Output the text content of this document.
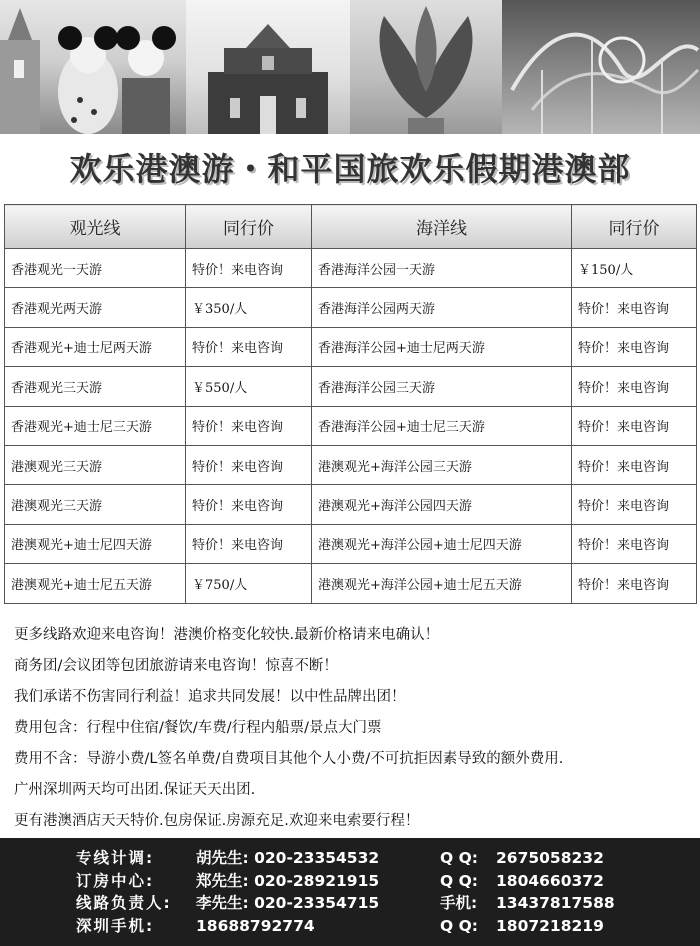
欢乐港澳游・和平国旅欢乐假期港澳部
观光线	同行价	海洋线	同行价
香港观光一天游	特价！来电咨询	香港海洋公园一天游	￥150/人
香港观光两天游	￥350/人	香港海洋公园两天游	特价！来电咨询
香港观光+迪士尼两天游	特价！来电咨询	香港海洋公园+迪士尼两天游	特价！来电咨询
香港观光三天游	￥550/人	香港海洋公园三天游	特价！来电咨询
香港观光+迪士尼三天游	特价！来电咨询	香港海洋公园+迪士尼三天游	特价！来电咨询
港澳观光三天游	特价！来电咨询	港澳观光+海洋公园三天游	特价！来电咨询
港澳观光三天游	特价！来电咨询	港澳观光+海洋公园四天游	特价！来电咨询
港澳观光+迪士尼四天游	特价！来电咨询	港澳观光+海洋公园+迪士尼四天游	特价！来电咨询
港澳观光+迪士尼五天游	￥750/人	港澳观光+海洋公园+迪士尼五天游	特价！来电咨询
更多线路欢迎来电咨询！港澳价格变化较快.最新价格请来电确认！
商务团/会议团等包团旅游请来电咨询！惊喜不断！
我们承诺不伤害同行利益！追求共同发展！以中性品牌出团！
费用包含：行程中住宿/餐饮/车费/行程内船票/景点大门票
费用不含：导游小费/L签名单费/自费项目其他个人小费/不可抗拒因素导致的额外费用.
广州深圳两天均可出团.保证天天出团.
更有港澳酒店天天特价.包房保证.房源充足.欢迎来电索要行程！
专线计调:	胡先生: 020-23354532	Q Q: 2675058232
订房中心:	郑先生: 020-28921915	Q Q: 1804660372
线路负责人: 李先生: 020-23354715	手机: 13437817588
深圳手机:	18688792774	Q Q: 1807218219
